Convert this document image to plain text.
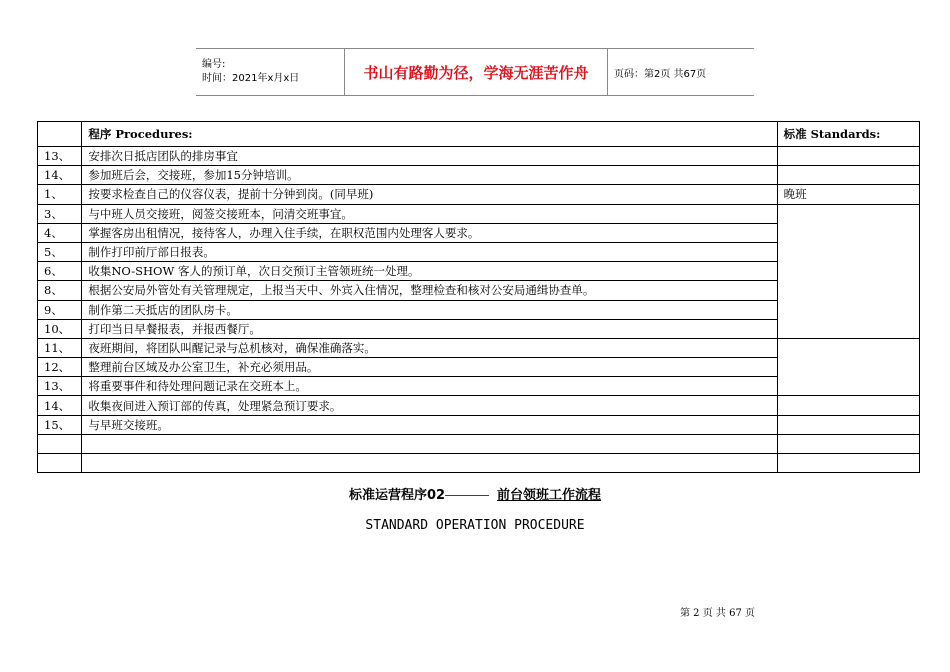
编号:
时间：2021年x月x日	书山有路勤为径，学海无涯苦作舟	页码：第2页 共67页
	程序 Procedures:	标准 Standards:
13、	安排次日抵店团队的排房事宜	
14、	参加班后会，交接班，参加15分钟培训。	
1、	按要求检查自己的仪容仪表，提前十分钟到岗。(同早班)	晚班
3、	与中班人员交接班，阅签交接班本，问清交班事宜。	
4、	掌握客房出租情况，接待客人，办理入住手续，在职权范围内处理客人要求。	
5、	制作打印前厅部日报表。	
6、	收集NO-SHOW 客人的预订单，次日交预订主管领班统一处理。	
8、	根据公安局外管处有关管理规定，上报当天中、外宾入住情况，整理检查和核对公安局通缉协查单。	
9、	制作第二天抵店的团队房卡。	
10、	打印当日早餐报表，并报西餐厅。	
11、	夜班期间，将团队叫醒记录与总机核对，确保准确落实。	
12、	整理前台区域及办公室卫生，补充必须用品。	
13、	将重要事件和待处理问题记录在交班本上。	
14、	收集夜间进入预订部的传真，处理紧急预订要求。	
15、	与早班交接班。	

标准运营程序02	前台领班工作流程
STANDARD OPERATION PROCEDURE
第 2 页 共 67 页
